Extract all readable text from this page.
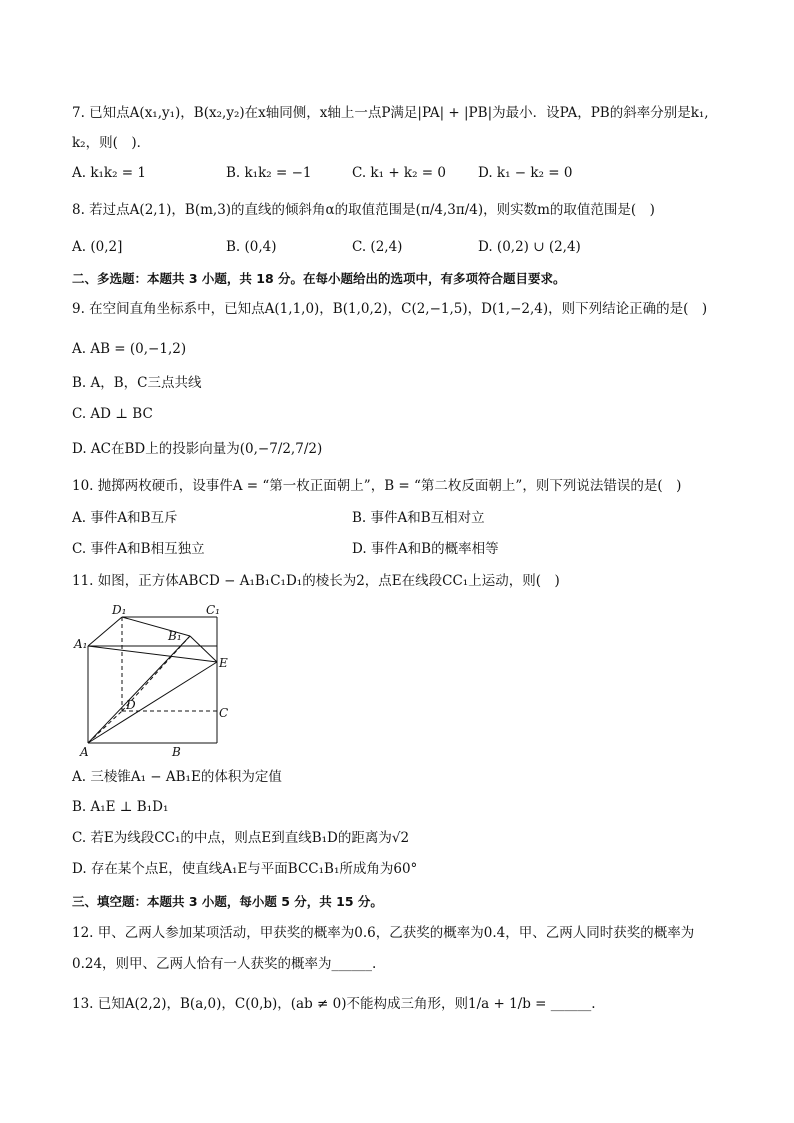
7. 已知点A(x₁,y₁)，B(x₂,y₂)在x轴同侧，x轴上一点P满足|PA| + |PB|为最小．设PA，PB的斜率分别是k₁,
k₂，则(　)．
A. k₁k₂ = 1	B. k₁k₂ = −1	C. k₁ + k₂ = 0 D. k₁ − k₂ = 0
8. 若过点A(2,1)，B(m,3)的直线的倾斜角α的取值范围是(π/4,3π/4)，则实数m的取值范围是(　)
A. (0,2]	B. (0,4)	C. (2,4)	D. (0,2) ∪ (2,4)
二、多选题：本题共 3 小题，共 18 分。在每小题给出的选项中，有多项符合题目要求。
9. 在空间直角坐标系中，已知点A(1,1,0)，B(1,0,2)，C(2,−1,5)，D(1,−2,4)，则下列结论正确的是(　)
A. AB = (0,−1,2)
B. A，B，C三点共线
C. AD ⊥ BC
D. AC在BD上的投影向量为(0,−7/2,7/2)
10. 抛掷两枚硬币，设事件A = “第一枚正面朝上”，B = “第二枚反面朝上”，则下列说法错误的是(　)
A. 事件A和B互斥	B. 事件A和B互相对立
C. 事件A和B相互独立	D. 事件A和B的概率相等
11. 如图，正方体ABCD − A₁B₁C₁D₁的棱长为2，点E在线段CC₁上运动，则(　)
A₁
D₁	C₁
B₁
E
D
C
A	B
A. 三棱锥A₁ − AB₁E的体积为定值
B. A₁E ⊥ B₁D₁
C. 若E为线段CC₁的中点，则点E到直线B₁D的距离为√2
D. 存在某个点E，使直线A₁E与平面BCC₁B₁所成角为60°
三、填空题：本题共 3 小题，每小题 5 分，共 15 分。
12. 甲、乙两人参加某项活动，甲获奖的概率为0.6，乙获奖的概率为0.4，甲、乙两人同时获奖的概率为
0.24，则甲、乙两人恰有一人获奖的概率为______.
13. 已知A(2,2)，B(a,0)，C(0,b)，(ab ≠ 0)不能构成三角形，则1/a + 1/b = ______.
